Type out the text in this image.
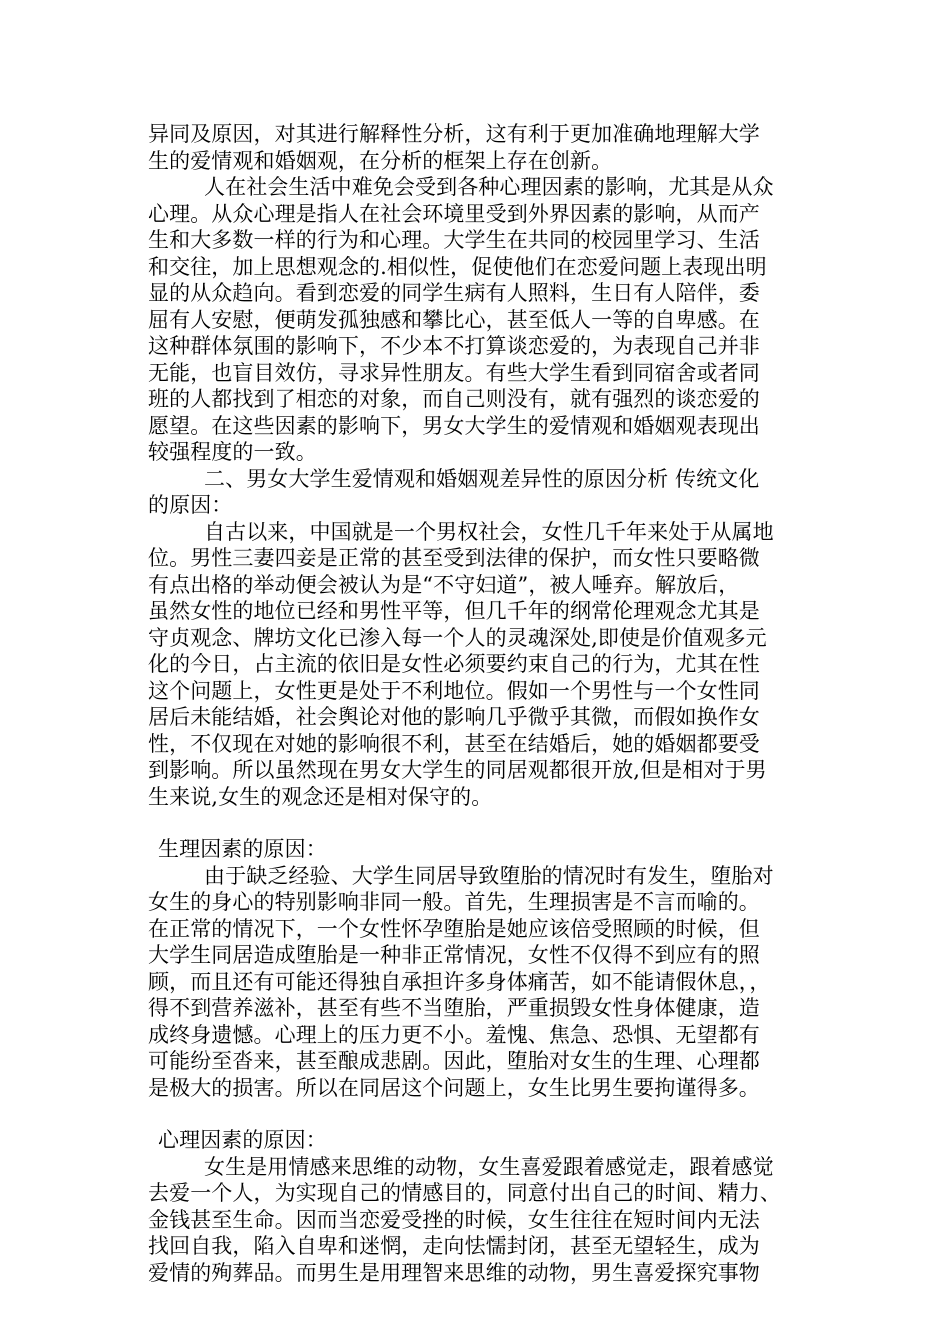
异同及原因，对其进行解释性分析，这有利于更加准确地理解大学
生的爱情观和婚姻观，在分析的框架上存在创新。
人在社会生活中难免会受到各种心理因素的影响，尤其是从众
心理。从众心理是指人在社会环境里受到外界因素的影响，从而产
生和大多数一样的行为和心理。大学生在共同的校园里学习、生活
和交往，加上思想观念的.相似性，促使他们在恋爱问题上表现出明
显的从众趋向。看到恋爱的同学生病有人照料，生日有人陪伴，委
屈有人安慰，便萌发孤独感和攀比心，甚至低人一等的自卑感。在
这种群体氛围的影响下，不少本不打算谈恋爱的，为表现自己并非
无能，也盲目效仿，寻求异性朋友。有些大学生看到同宿舍或者同
班的人都找到了相恋的对象，而自己则没有，就有强烈的谈恋爱的
愿望。在这些因素的影响下，男女大学生的爱情观和婚姻观表现出
较强程度的一致。
二、男女大学生爱情观和婚姻观差异性的原因分析 传统文化
的原因：
自古以来，中国就是一个男权社会，女性几千年来处于从属地
位。男性三妻四妾是正常的甚至受到法律的保护，而女性只要略微
有点出格的举动便会被认为是“不守妇道”，被人唾弃。解放后，
虽然女性的地位已经和男性平等，但几千年的纲常伦理观念尤其是
守贞观念、牌坊文化已渗入每一个人的灵魂深处,即使是价值观多元
化的今日，占主流的依旧是女性必须要约束自己的行为，尤其在性
这个问题上，女性更是处于不利地位。假如一个男性与一个女性同
居后未能结婚，社会舆论对他的影响几乎微乎其微，而假如换作女
性，不仅现在对她的影响很不利，甚至在结婚后，她的婚姻都要受
到影响。所以虽然现在男女大学生的同居观都很开放,但是相对于男
生来说,女生的观念还是相对保守的。
生理因素的原因：
由于缺乏经验、大学生同居导致堕胎的情况时有发生，堕胎对
女生的身心的特别影响非同一般。首先，生理损害是不言而喻的。
在正常的情况下，一个女性怀孕堕胎是她应该倍受照顾的时候，但
大学生同居造成堕胎是一种非正常情况，女性不仅得不到应有的照
顾，而且还有可能还得独自承担许多身体痛苦，如不能请假休息，，
得不到营养滋补，甚至有些不当堕胎，严重损毁女性身体健康，造
成终身遗憾。心理上的压力更不小。羞愧、焦急、恐惧、无望都有
可能纷至沓来，甚至酿成悲剧。因此，堕胎对女生的生理、心理都
是极大的损害。所以在同居这个问题上，女生比男生要拘谨得多。
心理因素的原因：
女生是用情感来思维的动物，女生喜爱跟着感觉走，跟着感觉
去爱一个人，为实现自己的情感目的，同意付出自己的时间、精力、
金钱甚至生命。因而当恋爱受挫的时候，女生往往在短时间内无法
找回自我，陷入自卑和迷惘，走向怯懦封闭，甚至无望轻生，成为
爱情的殉葬品。而男生是用理智来思维的动物，男生喜爱探究事物
